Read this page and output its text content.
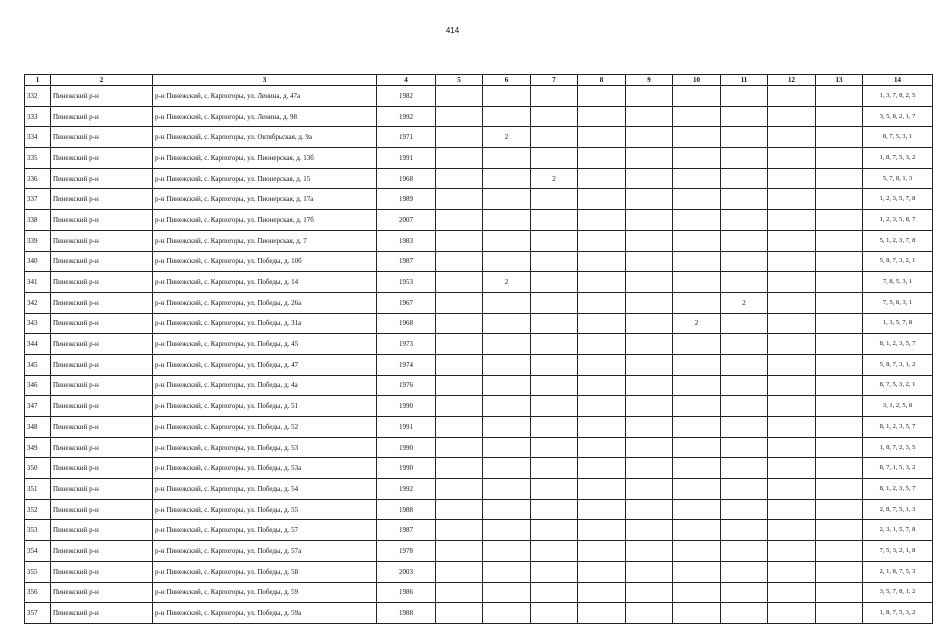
414
1	2	3	4	5	6	7	8	9	10	11	12	13	14
332	Пинежский р-н	р-н Пинежский, с. Карпогоры, ул. Ленина, д. 47а	1982										1, 3, 7, 8, 2, 5
333	Пинежский р-н	р-н Пинежский, с. Карпогоры, ул. Ленина, д. 98	1992										3, 5, 8, 2, 1, 7
334	Пинежский р-н	р-н Пинежский, с. Карпогоры, ул. Октябрьская, д. 9а	1971		2								8, 7, 5, 3, 1
335	Пинежский р-н	р-н Пинежский, с. Карпогоры, ул. Пионерская, д. 13б	1991										1, 8, 7, 5, 3, 2
336	Пинежский р-н	р-н Пинежский, с. Карпогоры, ул. Пионерская, д. 15	1968			2							5, 7, 8, 1, 3
337	Пинежский р-н	р-н Пинежский, с. Карпогоры, ул. Пионерская, д. 17а	1989										1, 2, 3, 5, 7, 8
338	Пинежский р-н	р-н Пинежский, с. Карпогоры, ул. Пионерская, д. 17б	2007										1, 2, 3, 5, 8, 7
339	Пинежский р-н	р-н Пинежский, с. Карпогоры, ул. Пионерская, д. 7	1983										5, 1, 2, 3, 7, 8
340	Пинежский р-н	р-н Пинежский, с. Карпогоры, ул. Победы, д. 10б	1987										5, 8, 7, 3, 2, 1
341	Пинежский р-н	р-н Пинежский, с. Карпогоры, ул. Победы, д. 14	1953		2								7, 8, 5, 3, 1
342	Пинежский р-н	р-н Пинежский, с. Карпогоры, ул. Победы, д. 26а	1967							2			7, 5, 8, 3, 1
343	Пинежский р-н	р-н Пинежский, с. Карпогоры, ул. Победы, д. 31а	1968						2				1, 3, 5, 7, 8
344	Пинежский р-н	р-н Пинежский, с. Карпогоры, ул. Победы, д. 45	1973										8, 1, 2, 3, 5, 7
345	Пинежский р-н	р-н Пинежский, с. Карпогоры, ул. Победы, д. 47	1974										5, 8, 7, 3, 1, 2
346	Пинежский р-н	р-н Пинежский, с. Карпогоры, ул. Победы, д. 4а	1976										8, 7, 5, 3, 2, 1
347	Пинежский р-н	р-н Пинежский, с. Карпогоры, ул. Победы, д. 51	1990										3, 1, 2, 5, 8
348	Пинежский р-н	р-н Пинежский, с. Карпогоры, ул. Победы, д. 52	1991										8, 1, 2, 3, 5, 7
349	Пинежский р-н	р-н Пинежский, с. Карпогоры, ул. Победы, д. 53	1990										1, 8, 7, 2, 3, 5
350	Пинежский р-н	р-н Пинежский, с. Карпогоры, ул. Победы, д. 53а	1990										8, 7, 1, 5, 3, 2
351	Пинежский р-н	р-н Пинежский, с. Карпогоры, ул. Победы, д. 54	1992										8, 1, 2, 3, 5, 7
352	Пинежский р-н	р-н Пинежский, с. Карпогоры, ул. Победы, д. 55	1988										2, 8, 7, 5, 1, 3
353	Пинежский р-н	р-н Пинежский, с. Карпогоры, ул. Победы, д. 57	1987										2, 3, 1, 5, 7, 8
354	Пинежский р-н	р-н Пинежский, с. Карпогоры, ул. Победы, д. 57а	1978										7, 5, 3, 2, 1, 8
355	Пинежский р-н	р-н Пинежский, с. Карпогоры, ул. Победы, д. 58	2003										2, 1, 8, 7, 5, 3
356	Пинежский р-н	р-н Пинежский, с. Карпогоры, ул. Победы, д. 59	1986										3, 5, 7, 8, 1, 2
357	Пинежский р-н	р-н Пинежский, с. Карпогоры, ул. Победы, д. 59а	1988										1, 8, 7, 5, 3, 2
